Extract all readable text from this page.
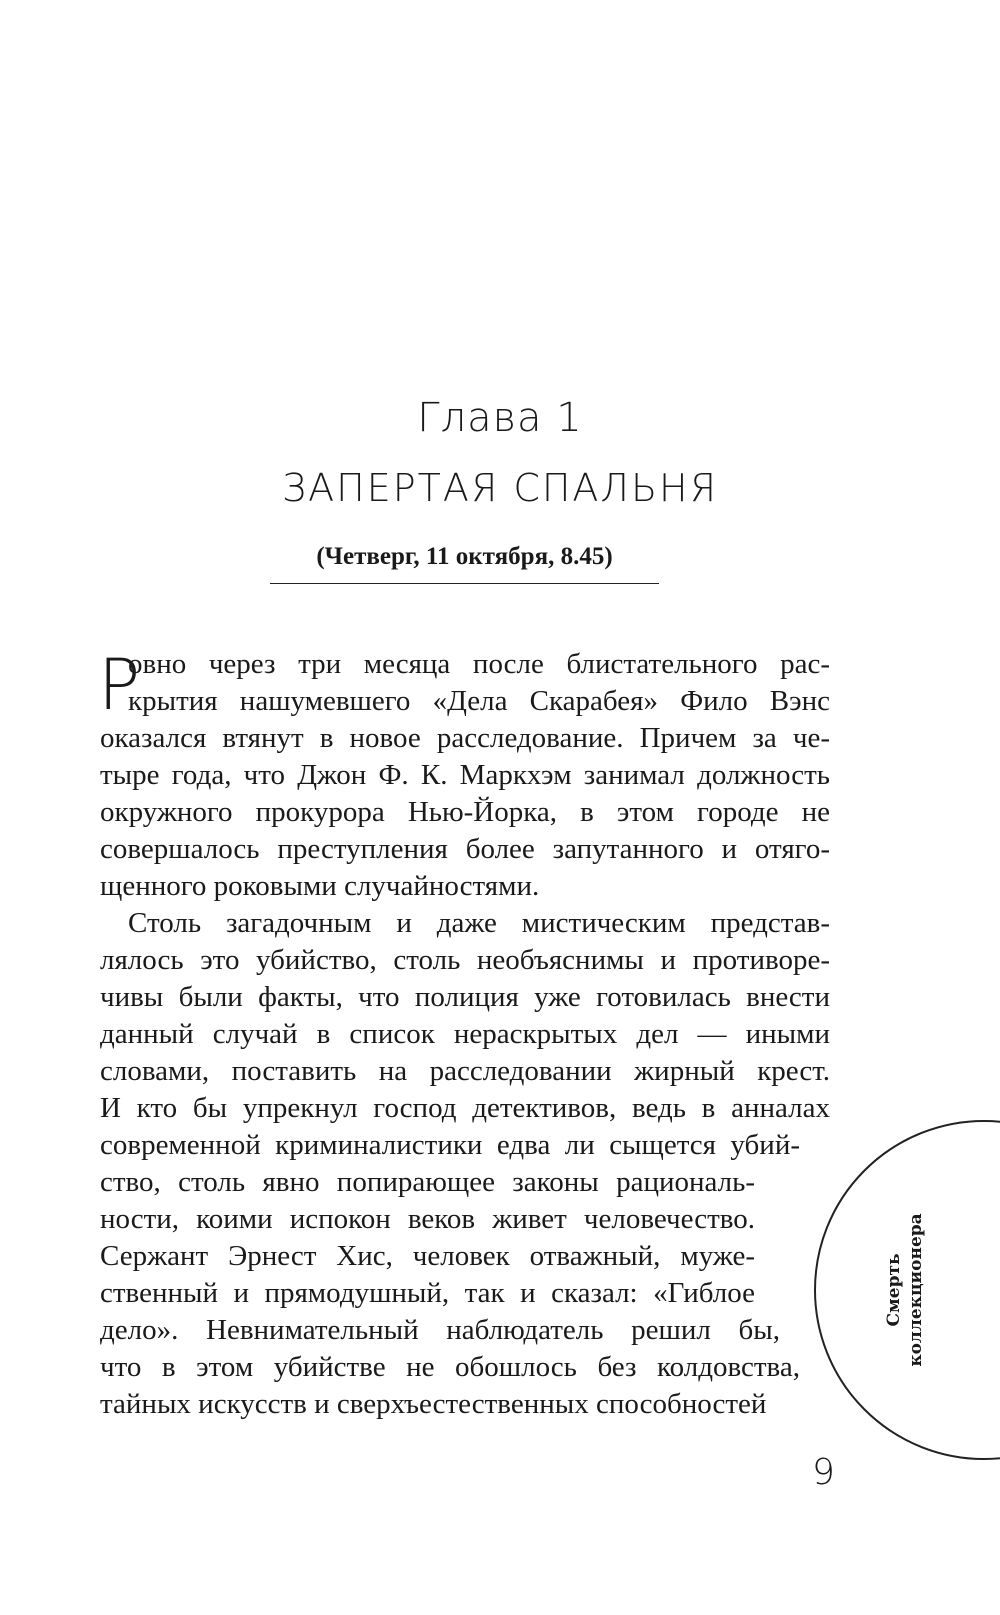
Глава 1
ЗАПЕРТАЯ СПАЛЬНЯ
(Четверг, 11 октября, 8.45)
Р
овно через три месяца после блистательного рас-
крытия нашумевшего «Дела Скарабея» Фило Вэнс
оказался втянут в новое расследование. Причем за че-
тыре года, что Джон Ф. К. Маркхэм занимал должность
окружного прокурора Нью-Йорка, в этом городе не
совершалось преступления более запутанного и отяго-
щенного роковыми случайностями.
Столь загадочным и даже мистическим представ-
лялось это убийство, столь необъяснимы и противоре-
чивы были факты, что полиция уже готовилась внести
данный случай в список нераскрытых дел — иными
словами, поставить на расследовании жирный крест.
И кто бы упрекнул господ детективов, ведь в анналах
современной криминалистики едва ли сыщется убий-
ство, столь явно попирающее законы рациональ-
ности, коими испокон веков живет человечество.
Сержант Эрнест Хис, человек отважный, муже-
ственный и прямодушный, так и сказал: «Гиблое
дело». Невнимательный наблюдатель решил бы,
что в этом убийстве не обошлось без колдовства,
тайных искусств и сверхъестественных способностей
Смерть коллекционера
9
